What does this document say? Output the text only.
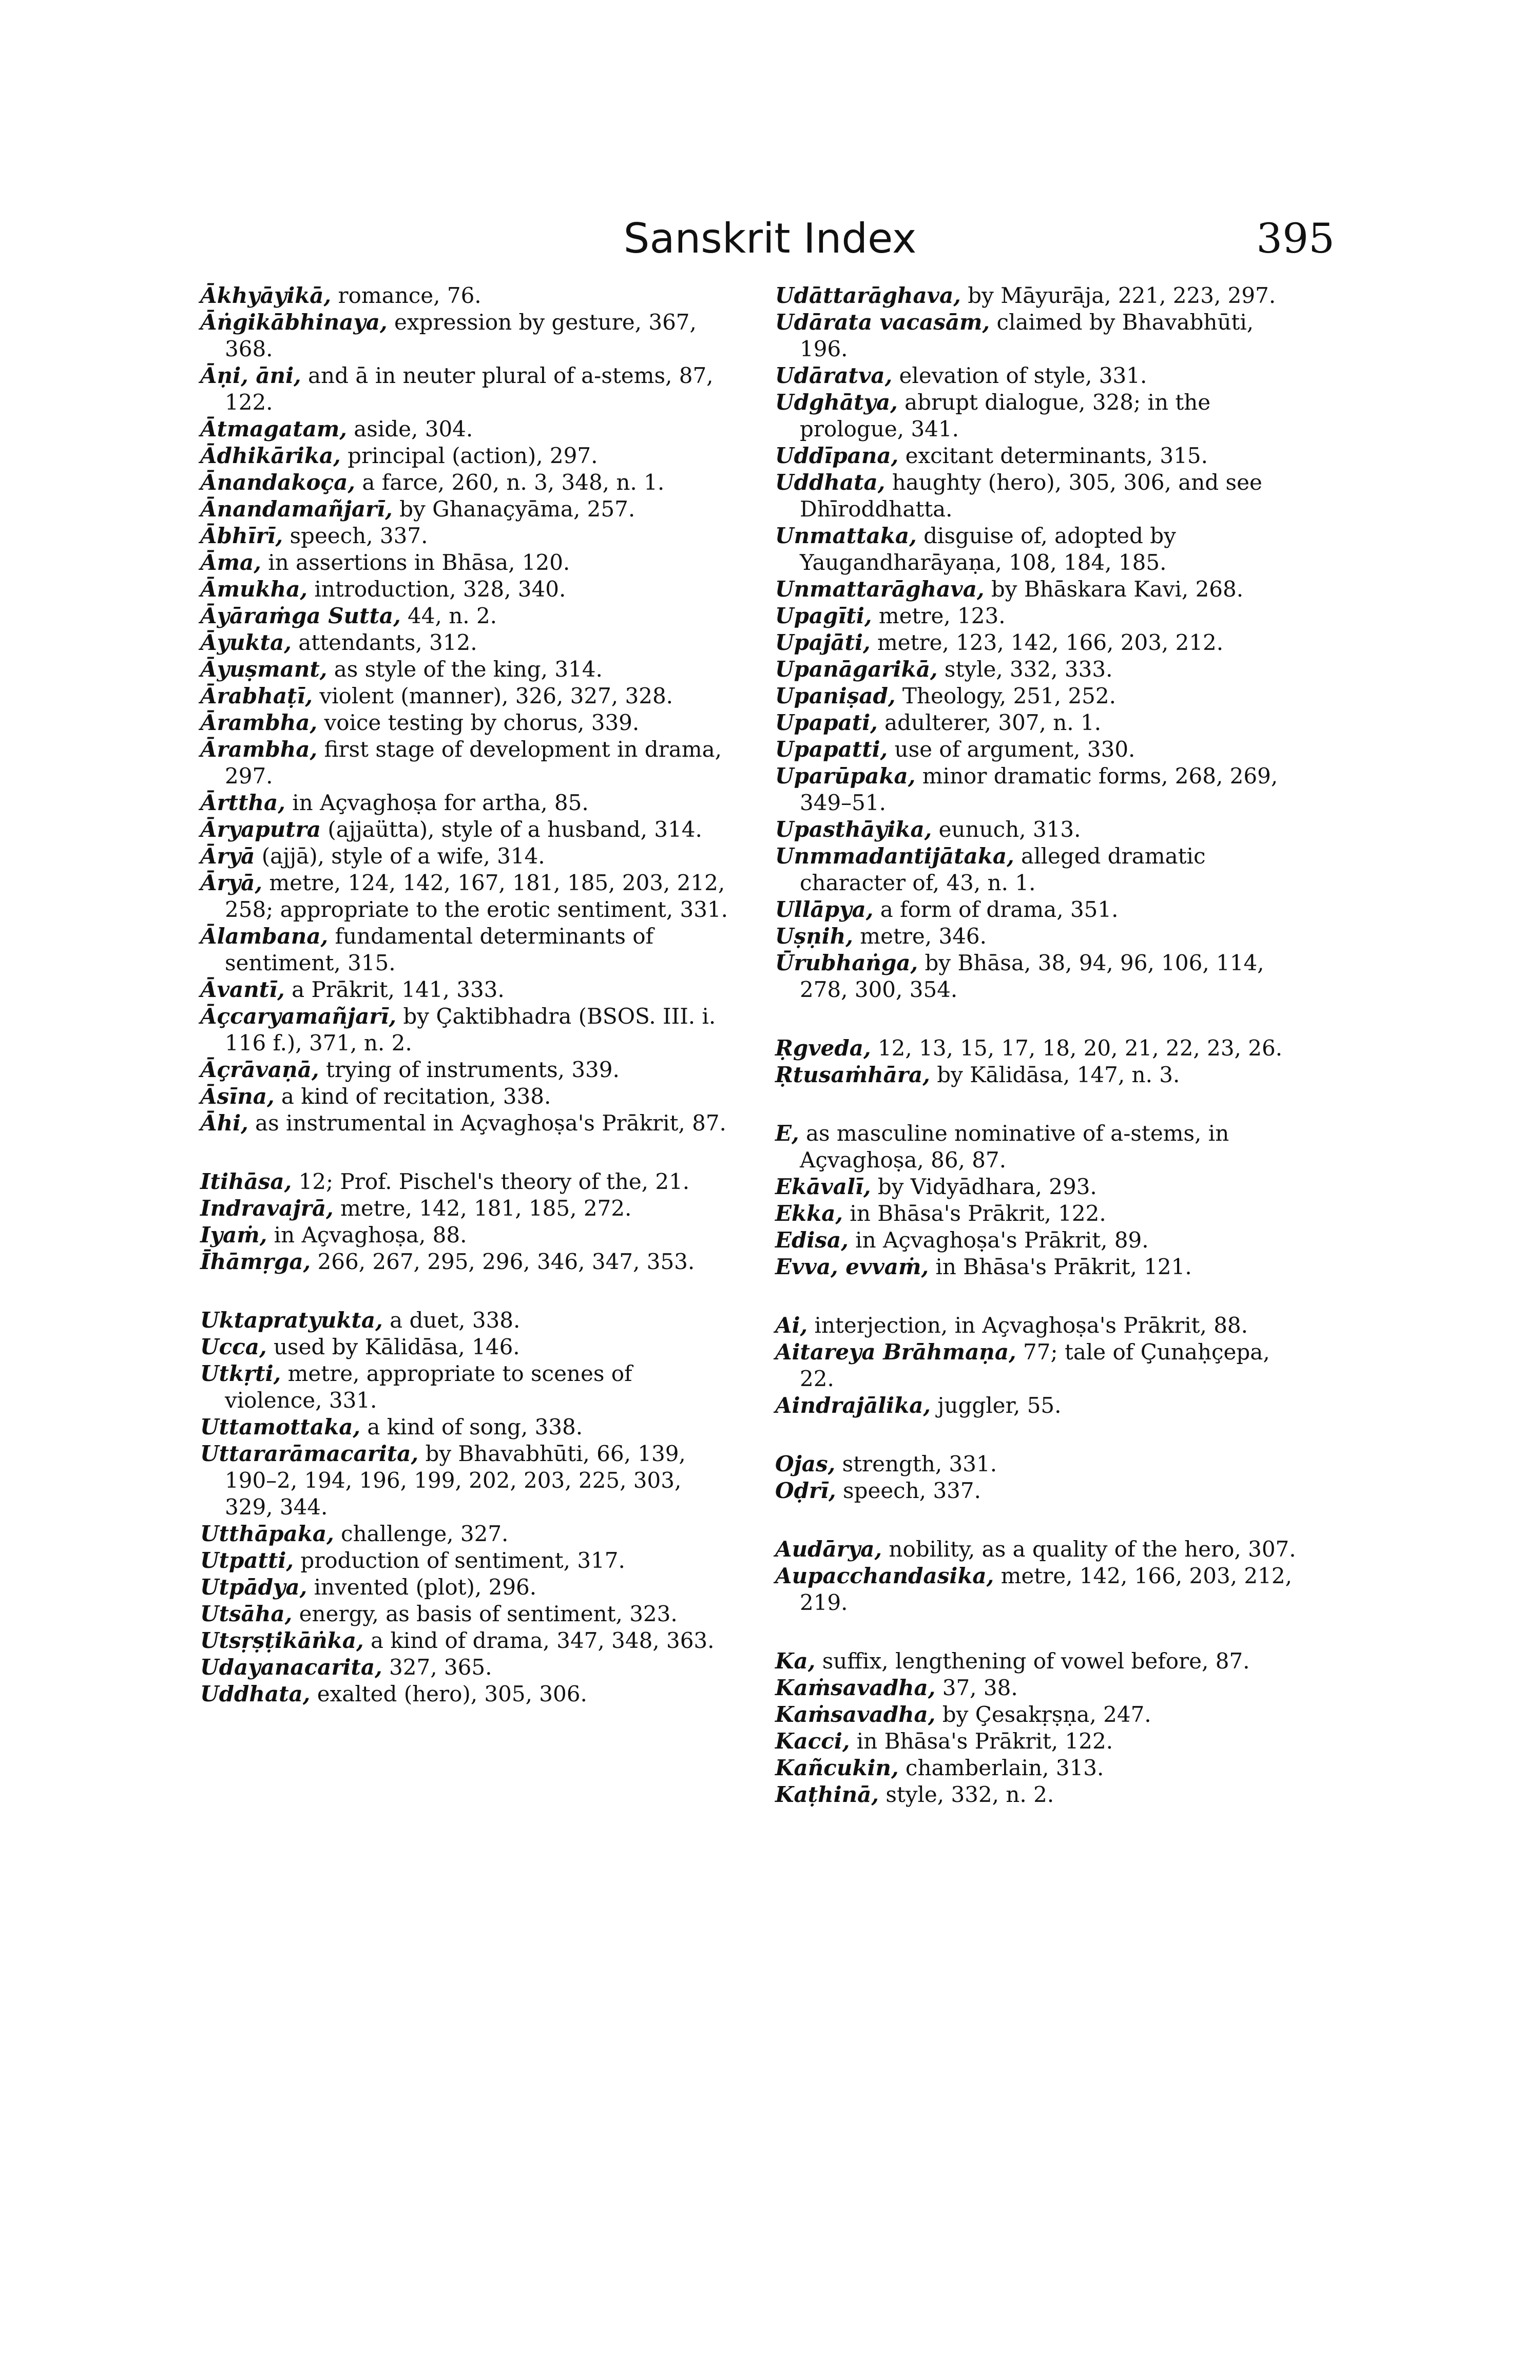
Sanskrit Index	395

Ākhyāyikā, romance, 76.

Āṅgikābhinaya, expression by gesture, 367, 368.

Āṇi, āni, and ā in neuter plural of a-stems, 87, 122.

Ātmagatam, aside, 304.

Ādhikārika, principal (action), 297.

Ānandakoça, a farce, 260, n. 3, 348, n. 1.

Ānandamañjarī, by Ghanaçyāma, 257.

Ābhīrī, speech, 337.

Āma, in assertions in Bhāsa, 120.

Āmukha, introduction, 328, 340.

Āyāraṁga Sutta, 44, n. 2.

Āyukta, attendants, 312.

Āyuṣmant, as style of the king, 314.

Ārabhaṭī, violent (manner), 326, 327, 328.

Ārambha, voice testing by chorus, 339.

Ārambha, first stage of development in drama, 297.

Ārttha, in Açvaghoṣa for artha, 85.

Āryaputra (ajjaütta), style of a husband, 314.

Āryā (ajjā), style of a wife, 314.

Āryā, metre, 124, 142, 167, 181, 185, 203, 212, 258; appropriate to the erotic sentiment, 331.

Ālambana, fundamental determinants of sentiment, 315.

Āvantī, a Prākrit, 141, 333.

Āçcaryamañjarī, by Çaktibhadra (BSOS. III. i. 116 f.), 371, n. 2.

Āçrāvaṇā, trying of instruments, 339.

Āsīna, a kind of recitation, 338.

Āhi, as instrumental in Açvaghoṣa's Prākrit, 87.

Itihāsa, 12; Prof. Pischel's theory of the, 21.

Indravajrā, metre, 142, 181, 185, 272.

Iyaṁ, in Açvaghoṣa, 88.

Īhāmṛga, 266, 267, 295, 296, 346, 347, 353.

Uktapratyukta, a duet, 338.

Ucca, used by Kālidāsa, 146.

Utkṛti, metre, appropriate to scenes of violence, 331.

Uttamottaka, a kind of song, 338.

Uttararāmacarita, by Bhavabhūti, 66, 139, 190–2, 194, 196, 199, 202, 203, 225, 303, 329, 344.

Utthāpaka, challenge, 327.

Utpatti, production of sentiment, 317.

Utpādya, invented (plot), 296.

Utsāha, energy, as basis of sentiment, 323.

Utsṛṣṭikāṅka, a kind of drama, 347, 348, 363.

Udayanacarita, 327, 365.

Uddhata, exalted (hero), 305, 306.

Udāttarāghava, by Māyurāja, 221, 223, 297.

Udārata vacasām, claimed by Bhavabhūti, 196.

Udāratva, elevation of style, 331.

Udghātya, abrupt dialogue, 328; in the prologue, 341.

Uddīpana, excitant determinants, 315.

Uddhata, haughty (hero), 305, 306, and see Dhīroddhatta.

Unmattaka, disguise of, adopted by Yaugandharāyaṇa, 108, 184, 185.

Unmattarāghava, by Bhāskara Kavi, 268.

Upagīti, metre, 123.

Upajāti, metre, 123, 142, 166, 203, 212.

Upanāgarikā, style, 332, 333.

Upaniṣad, Theology, 251, 252.

Upapati, adulterer, 307, n. 1.

Upapatti, use of argument, 330.

Uparūpaka, minor dramatic forms, 268, 269, 349–51.

Upasthāyika, eunuch, 313.

Unmmadantijātaka, alleged dramatic character of, 43, n. 1.

Ullāpya, a form of drama, 351.

Uṣṇih, metre, 346.

Ūrubhaṅga, by Bhāsa, 38, 94, 96, 106, 114, 278, 300, 354.

Ṛgveda, 12, 13, 15, 17, 18, 20, 21, 22, 23, 26.

Ṛtusaṁhāra, by Kālidāsa, 147, n. 3.

E, as masculine nominative of a-stems, in Açvaghoṣa, 86, 87.

Ekāvalī, by Vidyādhara, 293.

Ekka, in Bhāsa's Prākrit, 122.

Edisa, in Açvaghoṣa's Prākrit, 89.

Evva, evvaṁ, in Bhāsa's Prākrit, 121.

Ai, interjection, in Açvaghoṣa's Prākrit, 88.

Aitareya Brāhmaṇa, 77; tale of Çunaḥçepa, 22.

Aindrajālika, juggler, 55.

Ojas, strength, 331.

Oḍrī, speech, 337.

Audārya, nobility, as a quality of the hero, 307.

Aupacchandasika, metre, 142, 166, 203, 212, 219.

Ka, suffix, lengthening of vowel before, 87.

Kaṁsavadha, 37, 38.

Kaṁsavadha, by Çesakṛṣṇa, 247.

Kacci, in Bhāsa's Prākrit, 122.

Kañcukin, chamberlain, 313.

Kaṭhinā, style, 332, n. 2.
